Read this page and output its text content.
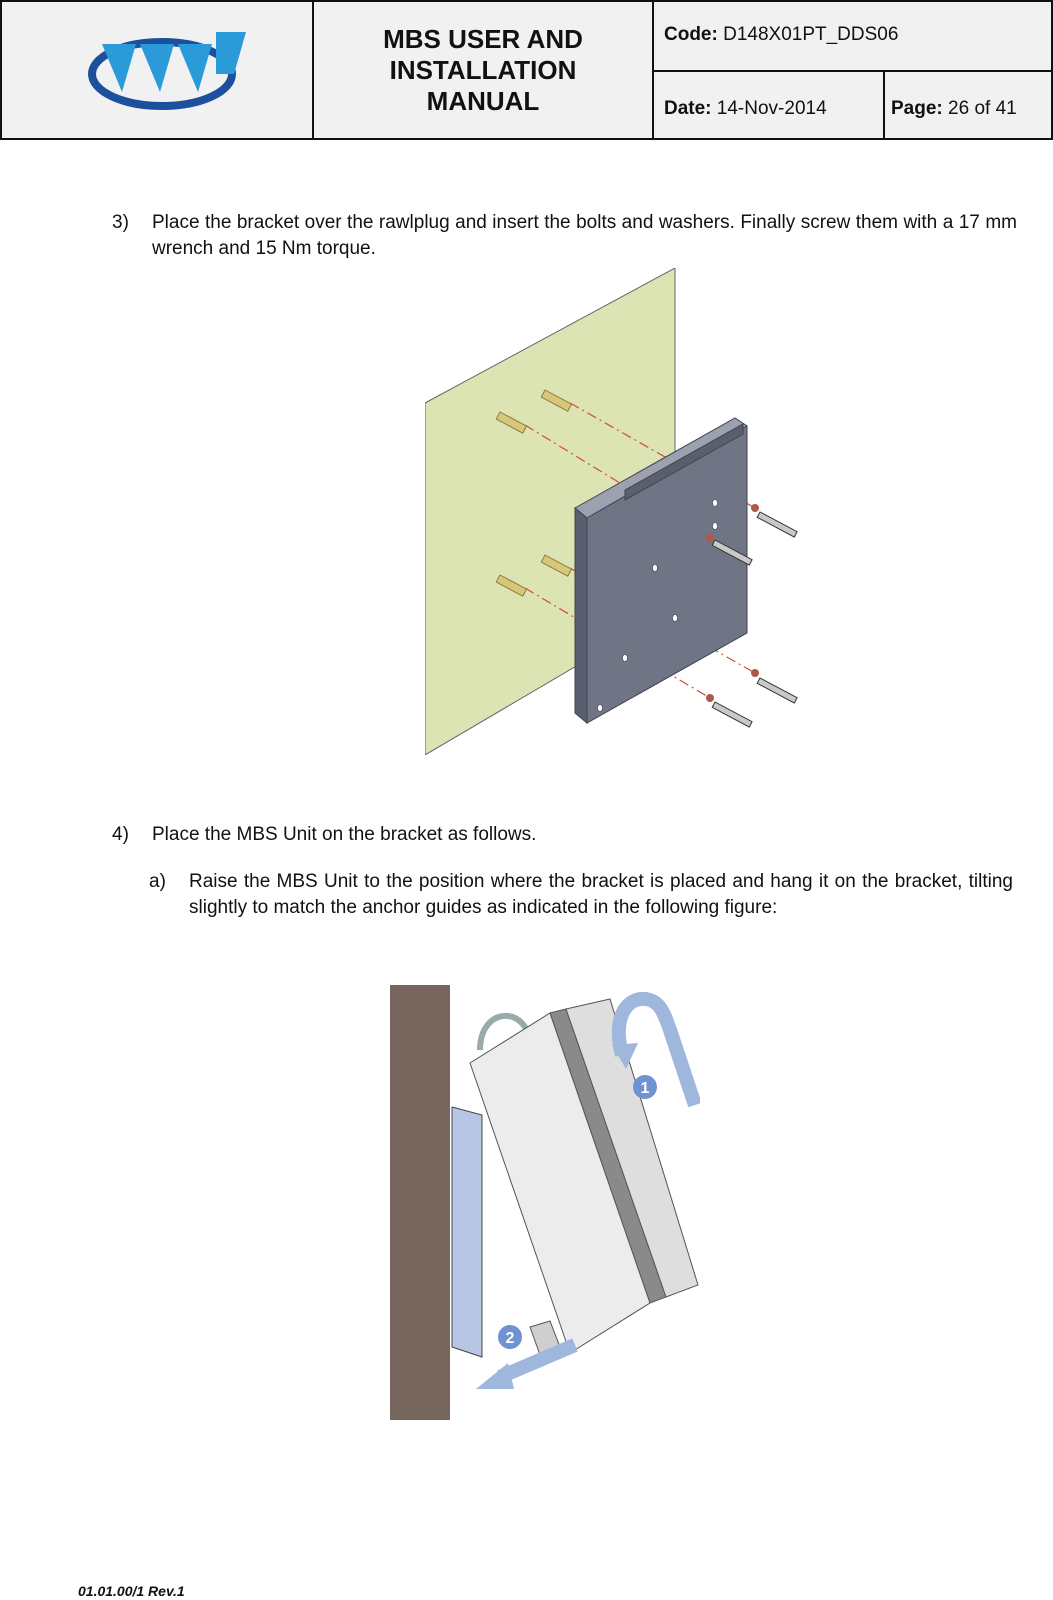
MBS USER AND INSTALLATION MANUAL
Code: D148X01PT_DDS06
Date: 14-Nov-2014	Page: 26 of 41
3) Place the bracket over the rawlplug and insert the bolts and washers. Finally screw them with a 17 mm wrench and 15 Nm torque.
4) Place the MBS Unit on the bracket as follows.
a) Raise the MBS Unit to the position where the bracket is placed and hang it on the bracket, tilting slightly to match the anchor guides as indicated in the following figure:
1
2
01.01.00/1 Rev.1
